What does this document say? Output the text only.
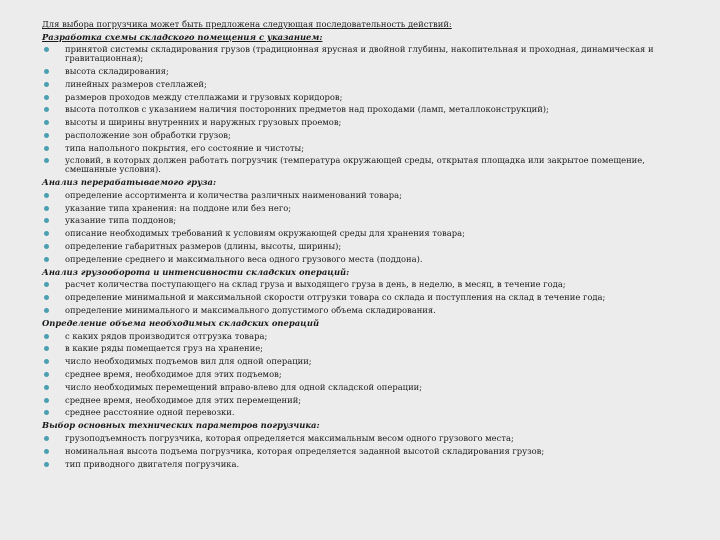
Для выбора погрузчика может быть предложена следующая последовательность действий:

Разработка схемы складского помещения с указанием:

принятой системы складирования грузов (традиционная ярусная и двойной глубины, накопительная и проходная, динамическая и гравитационная);
высота складирования;
линейных размеров стеллажей;
размеров проходов между стеллажами и грузовых коридоров;
высота потолков с указанием наличия посторонних предметов над проходами (ламп, металлоконструкций);
высоты и ширины внутренних и наружных грузовых проемов;
расположение зон обработки грузов;
типа напольного покрытия, его состояние и чистоты;
условий, в которых должен работать погрузчик (температура окружающей среды, открытая площадка или закрытое помещение, смешанные условия).

Анализ перерабатываемого груза:

определение ассортимента и количества различных наименований товара;
указание типа хранения: на поддоне или без него;
указание типа поддонов;
описание необходимых требований к условиям окружающей среды для хранения товара;
определение габаритных размеров (длины, высоты, ширины);
определение среднего и максимального веса одного грузового места (поддона).

Анализ грузооборота и интенсивности складских операций:

расчет количества поступающего на склад груза и выходящего груза в день, в неделю, в месяц, в течение года;
определение минимальной и максимальной скорости отгрузки товара со склада и поступления на склад в течение года;
определение минимального и максимального допустимого объема складирования.

Определение объема необходимых складских операций

с каких рядов производится отгрузка товара;
в какие ряды помещается груз на хранение;
число необходимых подъемов вил для одной операции;
среднее время, необходимое для этих подъемов;
число необходимых перемещений вправо-влево для одной складской операции;
среднее время, необходимое для этих перемещений;
среднее расстояние одной перевозки.

Выбор основных технических параметров погрузчика:

грузоподъемность погрузчика, которая определяется максимальным весом одного грузового места;
номинальная высота подъема погрузчика, которая определяется заданной высотой складирования грузов;
тип приводного двигателя погрузчика.
